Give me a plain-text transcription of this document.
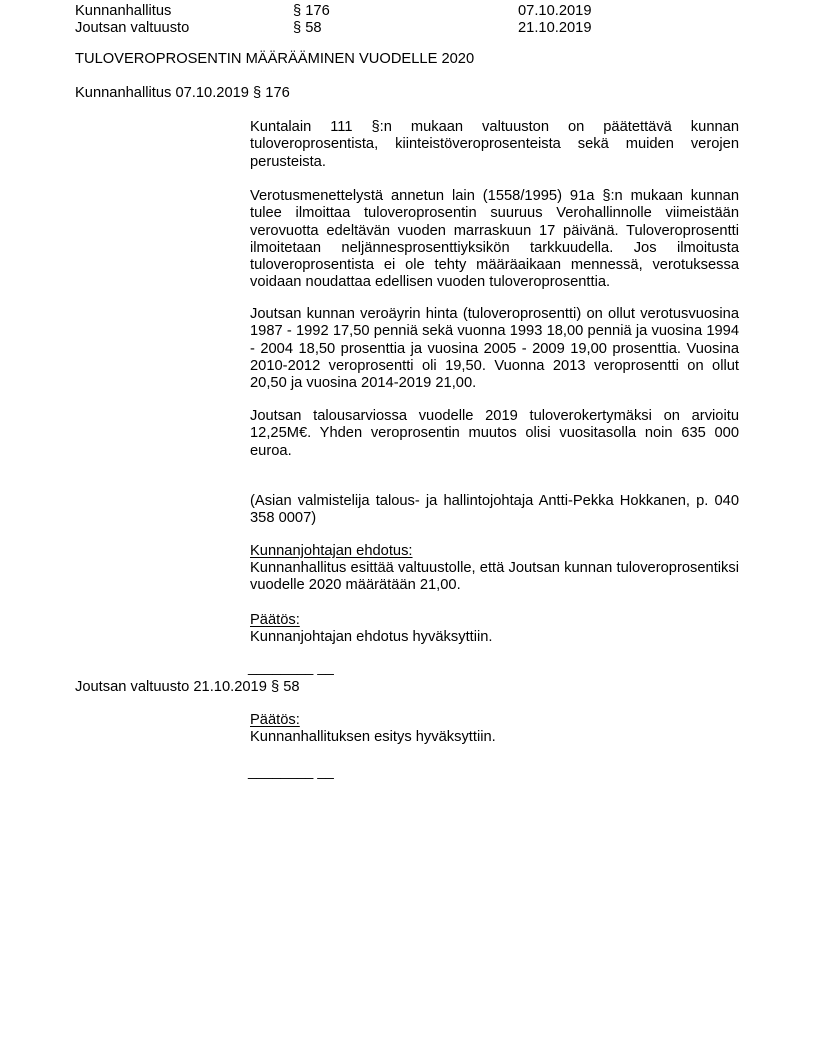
Kunnanhallitus	§ 176	07.10.2019
Joutsan valtuusto	§ 58	21.10.2019
TULOVEROPROSENTIN MÄÄRÄÄMINEN VUODELLE 2020
Kunnanhallitus 07.10.2019 § 176
Kuntalain 111 §:n mukaan valtuuston on päätettävä kunnan tuloveroprosentista, kiinteistöveroprosenteista sekä muiden verojen perusteista.
Verotusmenettelystä annetun lain (1558/1995) 91a §:n mukaan kunnan tulee ilmoittaa tuloveroprosentin suuruus Verohallinnolle viimeistään verovuotta edeltävän vuoden marraskuun 17 päivänä. Tuloveroprosentti ilmoitetaan neljännesprosenttiyksikön tarkkuudella. Jos ilmoitusta tuloveroprosentista ei ole tehty määräaikaan mennessä, verotuksessa voidaan noudattaa edellisen vuoden tuloveroprosenttia.
Joutsan kunnan veroäyrin hinta (tuloveroprosentti) on ollut verotusvuosina 1987 - 1992 17,50 penniä sekä vuonna 1993 18,00 penniä ja vuosina 1994 - 2004 18,50 prosenttia ja vuosina 2005 - 2009 19,00 prosenttia. Vuosina 2010-2012 veroprosentti oli 19,50. Vuonna 2013 veroprosentti on ollut 20,50 ja vuosina 2014-2019 21,00.
Joutsan talousarviossa vuodelle 2019 tuloverokertymäksi on arvioitu 12,25M€. Yhden veroprosentin muutos olisi vuositasolla noin 635 000 euroa.
(Asian valmistelija talous- ja hallintojohtaja Antti-Pekka Hokkanen, p. 040 358 0007)
Kunnanjohtajan ehdotus:
Kunnanhallitus esittää valtuustolle, että Joutsan kunnan tuloveroprosentiksi vuodelle 2020 määrätään 21,00.
Päätös:
Kunnanjohtajan ehdotus hyväksyttiin.
________ __
Joutsan valtuusto 21.10.2019 § 58
Päätös:
Kunnanhallituksen esitys hyväksyttiin.
________ __
